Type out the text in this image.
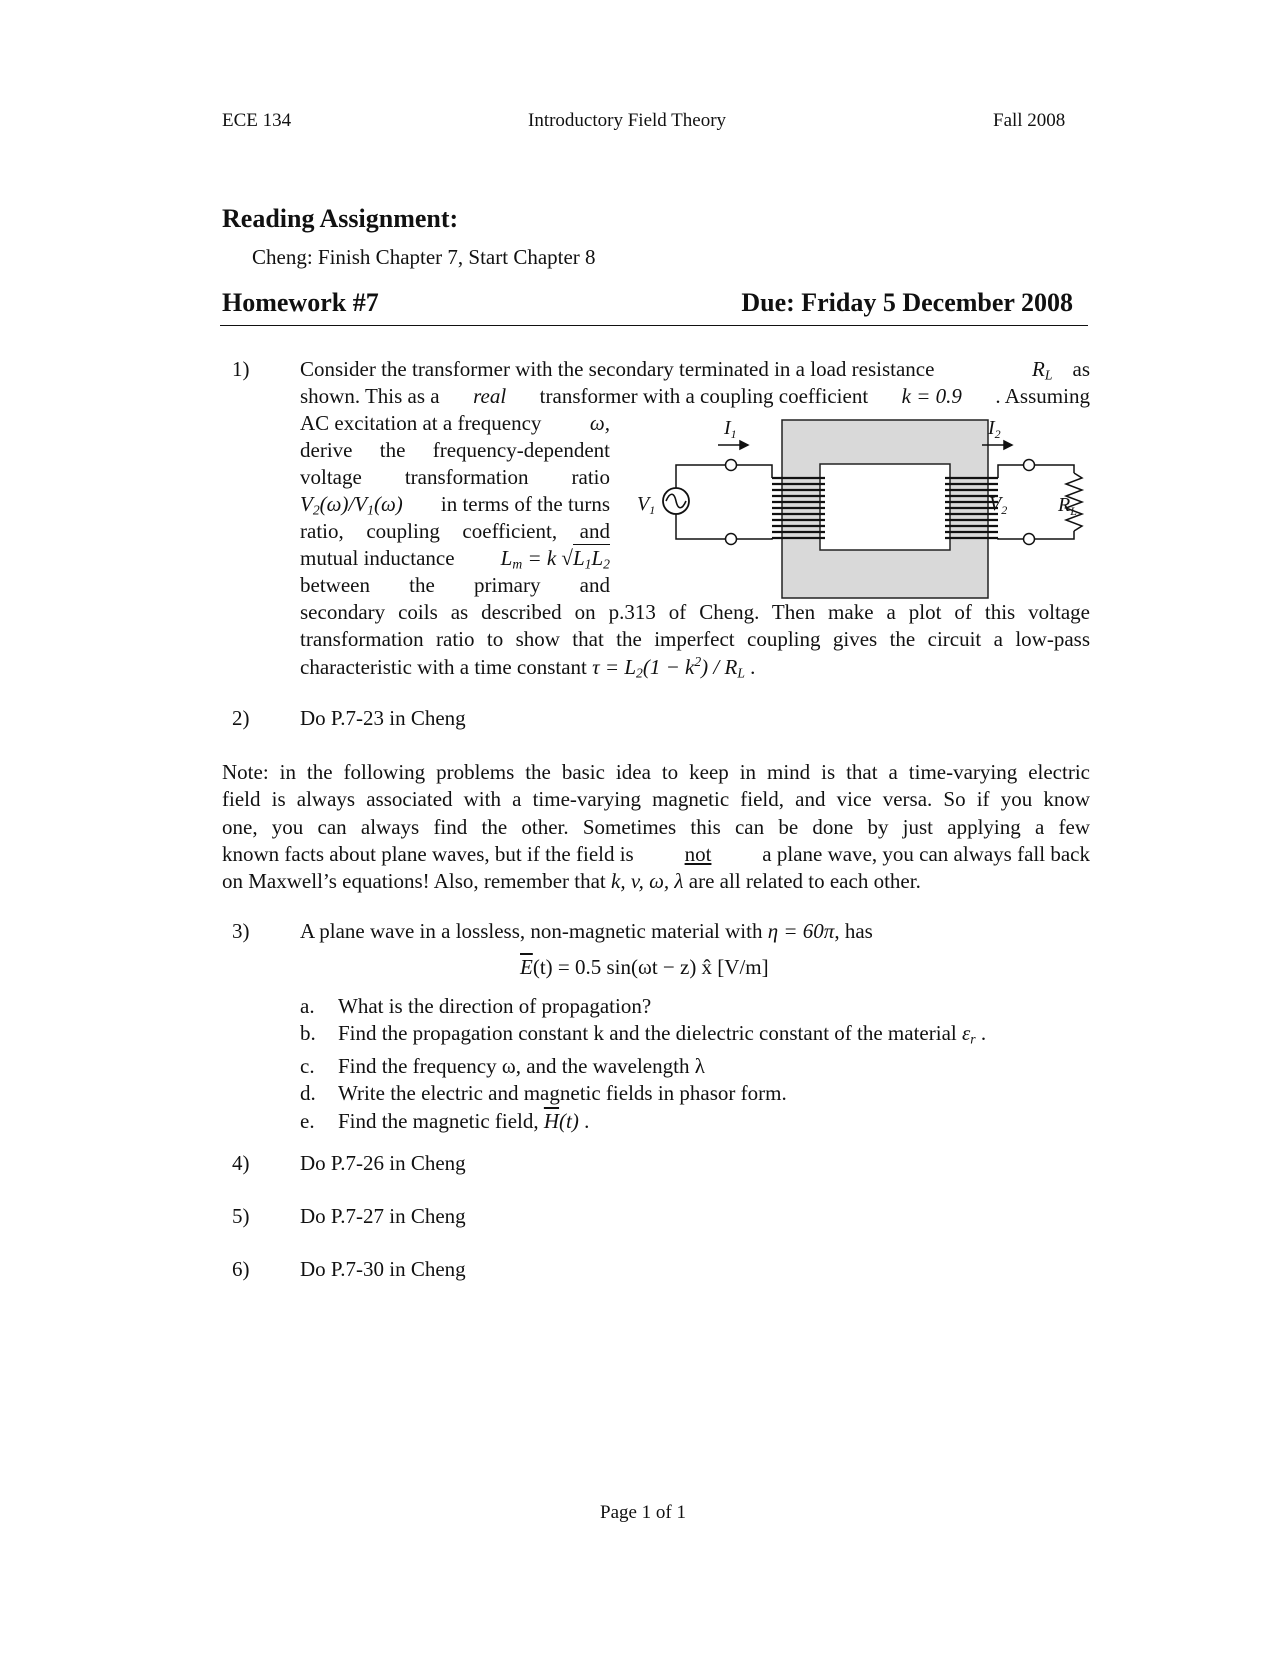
ECE 134	Introductory Field Theory	Fall 2008
Reading Assignment:
Cheng: Finish Chapter 7, Start Chapter 8
Homework #7	Due: Friday 5 December 2008
1) Consider the transformer with the secondary terminated in a load resistance	$R_L$ as
shown. This as a real transformer with a coupling coefficient k = 0.9 . Assuming
AC excitation at a frequency ω,
derive the frequency-dependent
voltage transformation ratio
$V_2(\omega)/V_1(\omega)$ in terms of the turns
ratio, coupling coefficient, and
mutual inductance $L_m = k$ $√L_1L_2$
between the primary and
secondary coils as described on p.313 of Cheng. Then make a plot of this voltage
transformation ratio to show that the imperfect coupling gives the circuit a low-pass
characteristic with a time constant $\tau = L_2(1 - k^2) / R_L$ .
$I_1$	$I_2$
$V_1$	$V_2$	$R_L$
2) Do P.7-23 in Cheng
Note: in the following problems the basic idea to keep in mind is that a time-varying electric
field is always associated with a time-varying magnetic field, and vice versa. So if you know
one, you can always find the other. Sometimes this can be done by just applying a few
known facts about plane waves, but if the field is not a plane wave, you can always fall back
on Maxwell’s equations! Also, remember that k, v, ω, λ are all related to each other.
3) A plane wave in a lossless, non-magnetic material with η = 60π, has
$\overline{E}(t) = 0.5$ sin(ωt − z) x̂ [V/m]
a. What is the direction of propagation?
b. Find the propagation constant k and the dielectric constant of the material $\varepsilon_r$ .
c. Find the frequency ω, and the wavelength λ
d. Write the electric and magnetic fields in phasor form.
e. Find the magnetic field, $\overline{H}(t)$ .
4) Do P.7-26 in Cheng
5) Do P.7-27 in Cheng
6) Do P.7-30 in Cheng
Page 1 of 1
